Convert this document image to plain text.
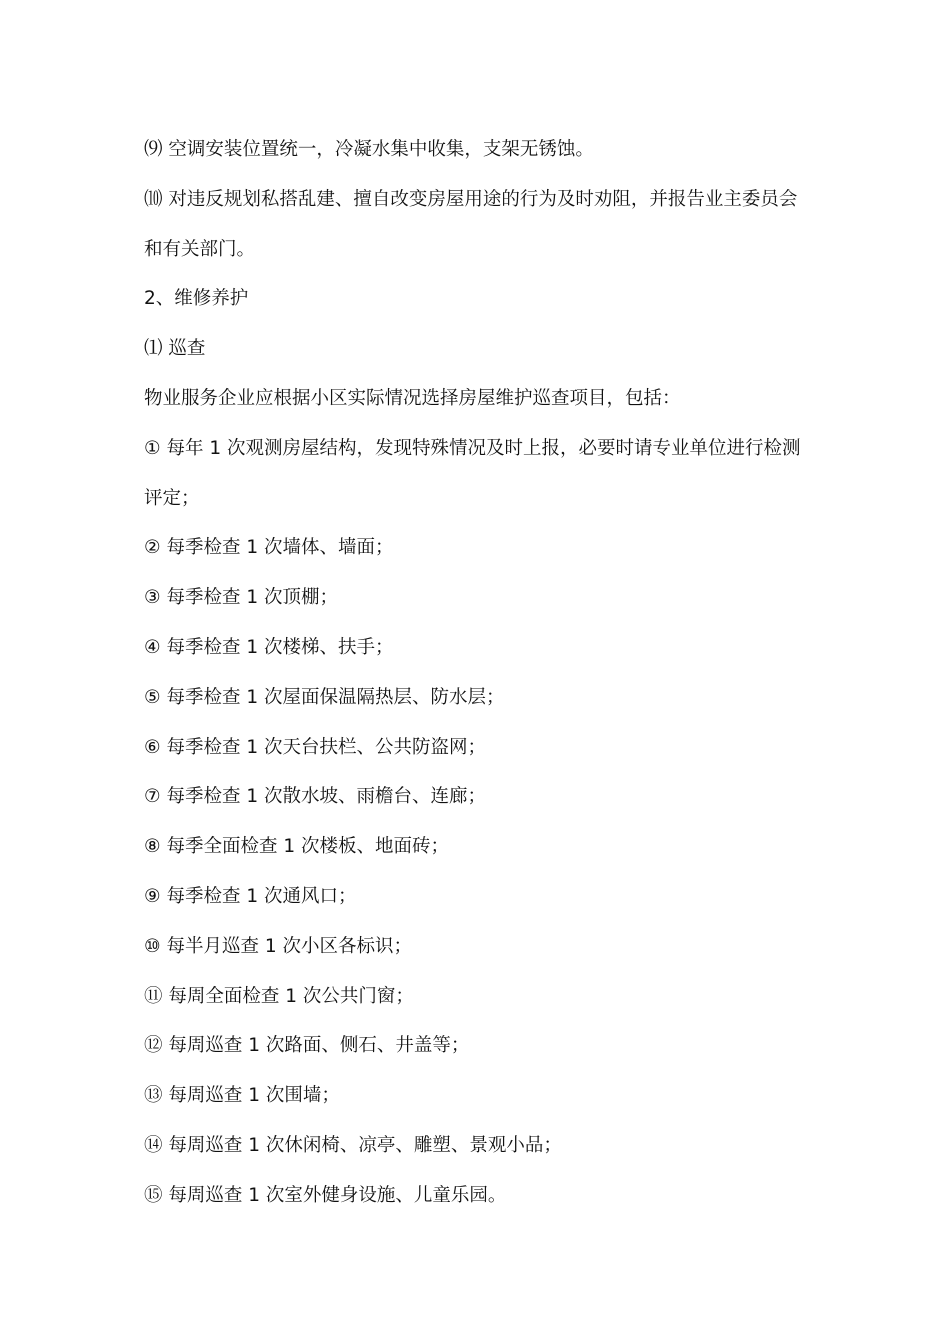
⑼ 空调安装位置统一，冷凝水集中收集，支架无锈蚀。
⑽ 对违反规划私搭乱建、擅自改变房屋用途的行为及时劝阻，并报告业主委员会
和有关部门。
2、维修养护
⑴ 巡查
物业服务企业应根据小区实际情况选择房屋维护巡查项目，包括：
① 每年 1 次观测房屋结构，发现特殊情况及时上报，必要时请专业单位进行检测
评定；
② 每季检查 1 次墙体、墙面；
③ 每季检查 1 次顶棚；
④ 每季检查 1 次楼梯、扶手；
⑤ 每季检查 1 次屋面保温隔热层、防水层；
⑥ 每季检查 1 次天台扶栏、公共防盗网；
⑦ 每季检查 1 次散水坡、雨檐台、连廊；
⑧ 每季全面检查 1 次楼板、地面砖；
⑨ 每季检查 1 次通风口；
⑩ 每半月巡查 1 次小区各标识；
⑪ 每周全面检查 1 次公共门窗；
⑫ 每周巡查 1 次路面、侧石、井盖等；
⑬ 每周巡查 1 次围墙；
⑭ 每周巡查 1 次休闲椅、凉亭、雕塑、景观小品；
⑮ 每周巡查 1 次室外健身设施、儿童乐园。
